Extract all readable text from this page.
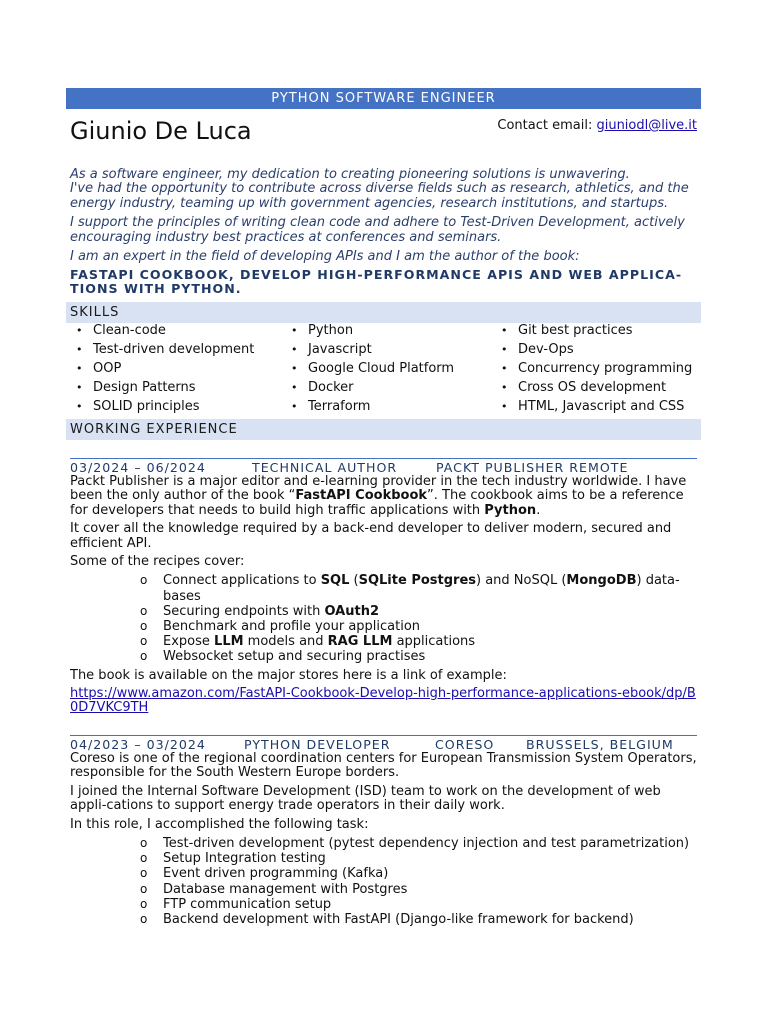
PYTHON SOFTWARE ENGINEER
Giunio De Luca	Contact email: giuniodl@live.it

As a software engineer, my dedication to creating pioneering solutions is unwavering.
I've had the opportunity to contribute across diverse fields such as research, athletics, and the energy industry, teaming up with government agencies, research institutions, and startups.

I support the principles of writing clean code and adhere to Test-Driven Development, actively encouraging industry best practices at conferences and seminars.

I am an expert in the field of developing APIs and I am the author of the book:

FASTAPI COOKBOOK, DEVELOP HIGH-PERFORMANCE APIS AND WEB APPLICA-TIONS WITH PYTHON.
SKILLS
• Clean-code
• Test-driven development
• OOP
• Design Patterns
• SOLID principles
• Python
• Javascript
• Google Cloud Platform
• Docker
• Terraform
• Git best practices
• Dev-Ops
• Concurrency programming
• Cross OS development
• HTML, Javascript and CSS
WORKING EXPERIENCE
03/2024 – 06/2024	TECHNICAL AUTHOR	PACKT PUBLISHER REMOTE

Packt Publisher is a major editor and e-learning provider in the tech industry worldwide. I have been the only author of the book “FastAPI Cookbook”. The cookbook aims to be a reference for developers that needs to build high traffic applications with Python.

It cover all the knowledge required by a back-end developer to deliver modern, secured and efficient API.

Some of the recipes cover:

o Connect applications to SQL (SQLite Postgres) and NoSQL (MongoDB) data-bases
o Securing endpoints with OAuth2
o Benchmark and profile your application
o Expose LLM models and RAG LLM applications
o Websocket setup and securing practises

The book is available on the major stores here is a link of example:

https://www.amazon.com/FastAPI-Cookbook-Develop-high-performance-applications-ebook/dp/B0D7VKC9TH

04/2023 – 03/2024	PYTHON DEVELOPER	CORESO	BRUSSELS, BELGIUM

Coreso is one of the regional coordination centers for European Transmission System Operators, responsible for the South Western Europe borders.

I joined the Internal Software Development (ISD) team to work on the development of web appli-cations to support energy trade operators in their daily work.

In this role, I accomplished the following task:

o Test-driven development (pytest dependency injection and test parametrization)
o Setup Integration testing
o Event driven programming (Kafka)
o Database management with Postgres
o FTP communication setup
o Backend development with FastAPI (Django-like framework for backend)
